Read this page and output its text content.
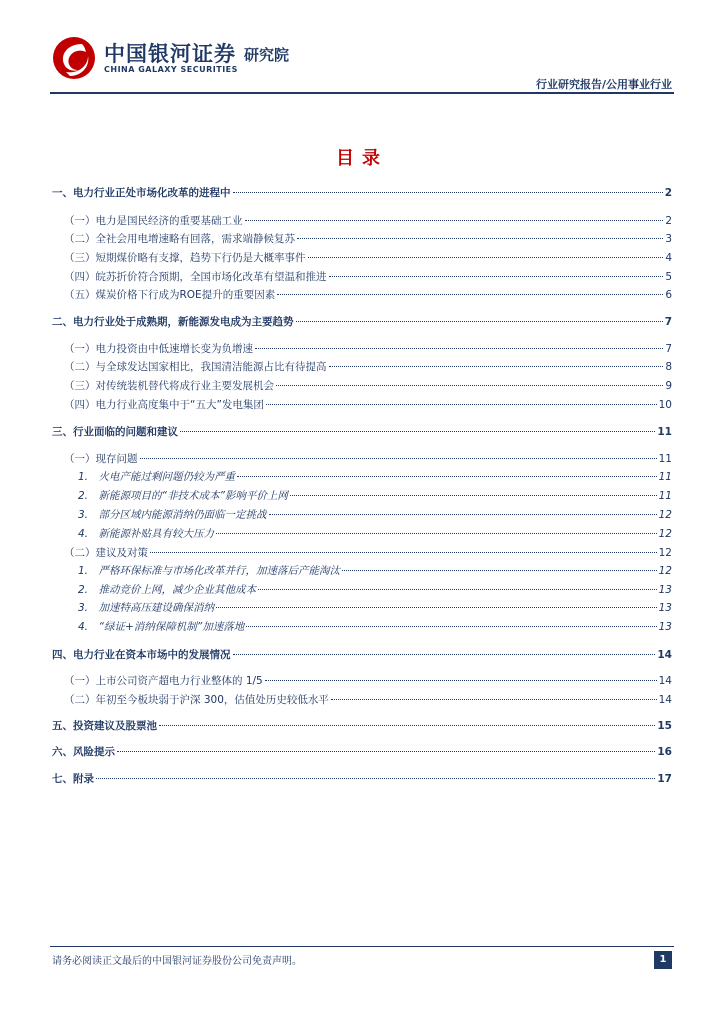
中国银河证券
CHINA GALAXY SECURITIES
研究院
行业研究报告/公用事业行业
目录
一、电力行业正处市场化改革的进程中	2
（一）电力是国民经济的重要基础工业	2
（二）全社会用电增速略有回落，需求端静候复苏	3
（三）短期煤价略有支撑，趋势下行仍是大概率事件	4
（四）皖苏折价符合预期，全国市场化改革有望温和推进	5
（五）煤炭价格下行成为ROE提升的重要因素	6
二、电力行业处于成熟期，新能源发电成为主要趋势	7
（一）电力投资由中低速增长变为负增速	7
（二）与全球发达国家相比，我国清洁能源占比有待提高	8
（三）对传统装机替代将成行业主要发展机会	9
（四）电力行业高度集中于“五大”发电集团	10
三、行业面临的问题和建议	11
（一）现存问题	11
1.　火电产能过剩问题仍较为严重	11
2.　新能源项目的“非技术成本”影响平价上网	11
3.　部分区域内能源消纳仍面临一定挑战	12
4.　新能源补贴具有较大压力	12
（二）建议及对策	12
1.　严格环保标准与市场化改革并行，加速落后产能淘汰	12
2.　推动竞价上网，减少企业其他成本	13
3.　加速特高压建设确保消纳	13
4.　“绿证+消纳保障机制”加速落地	13
四、电力行业在资本市场中的发展情况	14
（一）上市公司资产超电力行业整体的 1/5	14
（二）年初至今板块弱于沪深 300，估值处历史较低水平	14
五、投资建议及股票池	15
六、风险提示	16
七、附录	17
请务必阅读正文最后的中国银河证券股份公司免责声明。	1
